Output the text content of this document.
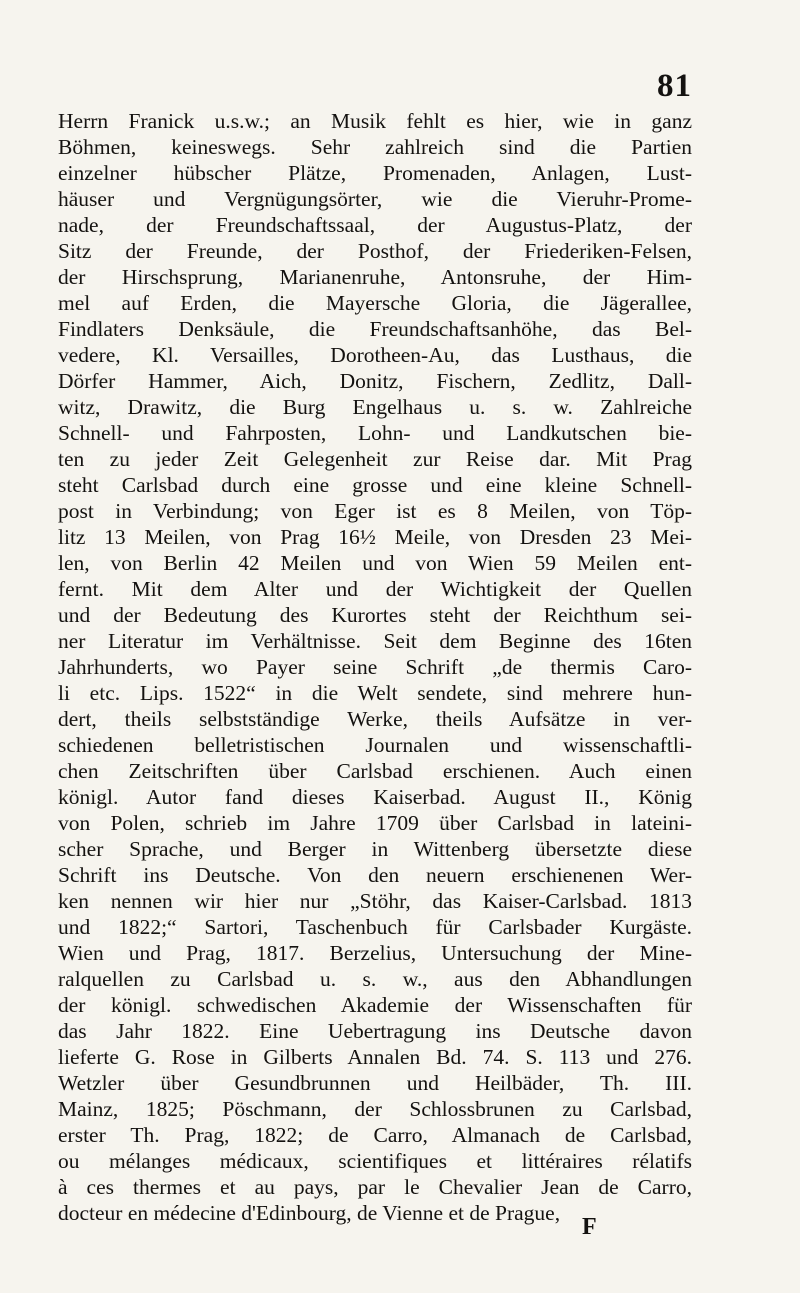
81
Herrn Franick u.s.w.; an Musik fehlt es hier, wie in ganz
Böhmen, keineswegs. Sehr zahlreich sind die Partien
einzelner hübscher Plätze, Promenaden, Anlagen, Lust-
häuser und Vergnügungsörter, wie die Vieruhr-Prome-
nade, der Freundschaftssaal, der Augustus-Platz, der
Sitz der Freunde, der Posthof, der Friederiken-Felsen,
der Hirschsprung, Marianenruhe, Antonsruhe, der Him-
mel auf Erden, die Mayersche Gloria, die Jägerallee,
Findlaters Denksäule, die Freundschaftsanhöhe, das Bel-
vedere, Kl. Versailles, Dorotheen-Au, das Lusthaus, die
Dörfer Hammer, Aich, Donitz, Fischern, Zedlitz, Dall-
witz, Drawitz, die Burg Engelhaus u. s. w. Zahlreiche
Schnell- und Fahrposten, Lohn- und Landkutschen bie-
ten zu jeder Zeit Gelegenheit zur Reise dar. Mit Prag
steht Carlsbad durch eine grosse und eine kleine Schnell-
post in Verbindung; von Eger ist es 8 Meilen, von Töp-
litz 13 Meilen, von Prag 16½ Meile, von Dresden 23 Mei-
len, von Berlin 42 Meilen und von Wien 59 Meilen ent-
fernt. Mit dem Alter und der Wichtigkeit der Quellen
und der Bedeutung des Kurortes steht der Reichthum sei-
ner Literatur im Verhältnisse. Seit dem Beginne des 16ten
Jahrhunderts, wo Payer seine Schrift „de thermis Caro-
li etc. Lips. 1522“ in die Welt sendete, sind mehrere hun-
dert, theils selbstständige Werke, theils Aufsätze in ver-
schiedenen belletristischen Journalen und wissenschaftli-
chen Zeitschriften über Carlsbad erschienen. Auch einen
königl. Autor fand dieses Kaiserbad. August II., König
von Polen, schrieb im Jahre 1709 über Carlsbad in lateini-
scher Sprache, und Berger in Wittenberg übersetzte diese
Schrift ins Deutsche. Von den neuern erschienenen Wer-
ken nennen wir hier nur „Stöhr, das Kaiser-Carlsbad. 1813
und 1822;“ Sartori, Taschenbuch für Carlsbader Kurgäste.
Wien und Prag, 1817. Berzelius, Untersuchung der Mine-
ralquellen zu Carlsbad u. s. w., aus den Abhandlungen
der königl. schwedischen Akademie der Wissenschaften für
das Jahr 1822. Eine Uebertragung ins Deutsche davon
lieferte G. Rose in Gilberts Annalen Bd. 74. S. 113 und 276.
Wetzler über Gesundbrunnen und Heilbäder, Th. III.
Mainz, 1825; Pöschmann, der Schlossbrunen zu Carlsbad,
erster Th. Prag, 1822; de Carro, Almanach de Carlsbad,
ou mélanges médicaux, scientifiques et littéraires rélatifs
à ces thermes et au pays, par le Chevalier Jean de Carro,
docteur en médecine d'Edinbourg, de Vienne et de Prague,
F
